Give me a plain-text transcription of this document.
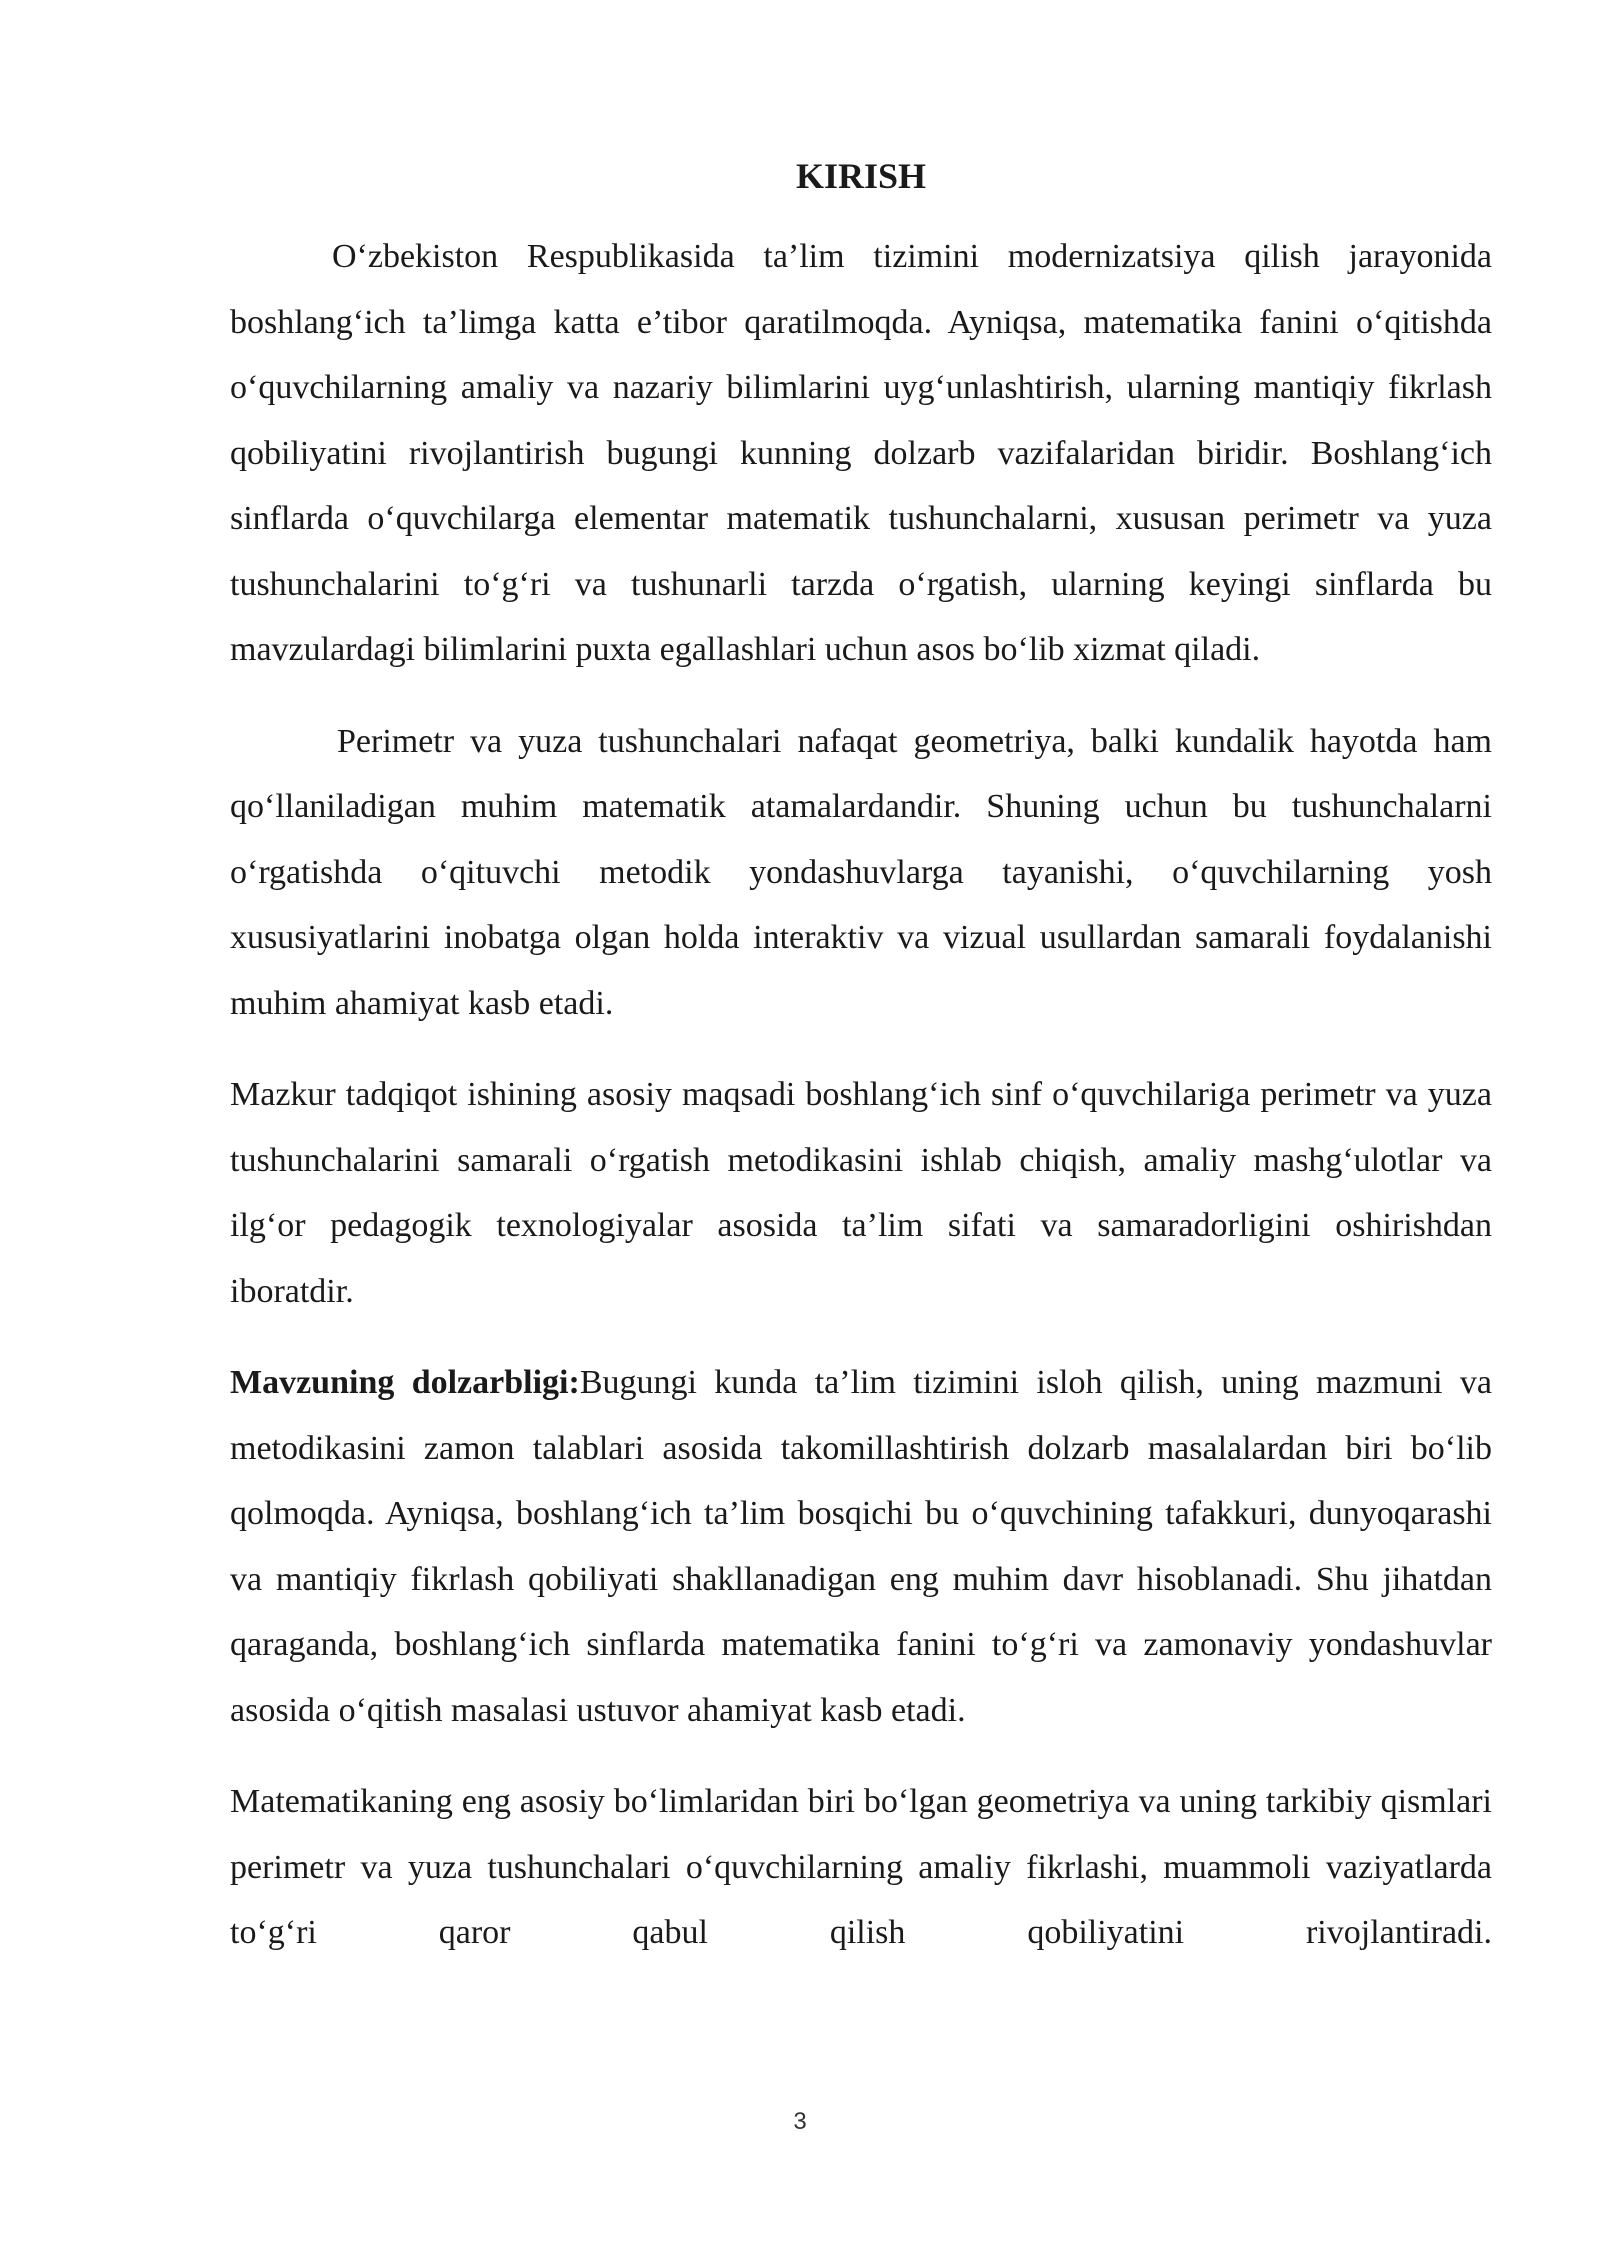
KIRISH

O‘zbekiston Respublikasida ta’lim tizimini modernizatsiya qilish jarayonida boshlang‘ich ta’limga katta e’tibor qaratilmoqda. Ayniqsa, matematika fanini o‘qitishda o‘quvchilarning amaliy va nazariy bilimlarini uyg‘unlashtirish, ularning mantiqiy fikrlash qobiliyatini rivojlantirish bugungi kunning dolzarb vazifalaridan biridir. Boshlang‘ich sinflarda o‘quvchilarga elementar matematik tushunchalarni, xususan perimetr va yuza tushunchalarini to‘g‘ri va tushunarli tarzda o‘rgatish, ularning keyingi sinflarda bu mavzulardagi bilimlarini puxta egallashlari uchun asos bo‘lib xizmat qiladi.

Perimetr va yuza tushunchalari nafaqat geometriya, balki kundalik hayotda ham qo‘llaniladigan muhim matematik atamalardandir. Shuning uchun bu tushunchalarni o‘rgatishda o‘qituvchi metodik yondashuvlarga tayanishi, o‘quvchilarning yosh xususiyatlarini inobatga olgan holda interaktiv va vizual usullardan samarali foydalanishi muhim ahamiyat kasb etadi.

Mazkur tadqiqot ishining asosiy maqsadi boshlang‘ich sinf o‘quvchilariga perimetr va yuza tushunchalarini samarali o‘rgatish metodikasini ishlab chiqish, amaliy mashg‘ulotlar va ilg‘or pedagogik texnologiyalar asosida ta’lim sifati va samaradorligini oshirishdan iboratdir.

Mavzuning dolzarbligi:Bugungi kunda ta’lim tizimini isloh qilish, uning mazmuni va metodikasini zamon talablari asosida takomillashtirish dolzarb masalalardan biri bo‘lib qolmoqda. Ayniqsa, boshlang‘ich ta’lim bosqichi bu o‘quvchining tafakkuri, dunyoqarashi va mantiqiy fikrlash qobiliyati shakllanadigan eng muhim davr hisoblanadi. Shu jihatdan qaraganda, boshlang‘ich sinflarda matematika fanini to‘g‘ri va zamonaviy yondashuvlar asosida o‘qitish masalasi ustuvor ahamiyat kasb etadi.

Matematikaning eng asosiy bo‘limlaridan biri bo‘lgan geometriya va uning tarkibiy qismlari perimetr va yuza tushunchalari o‘quvchilarning amaliy fikrlashi, muammoli vaziyatlarda to‘g‘ri qaror qabul qilish qobiliyatini rivojlantiradi.

3
